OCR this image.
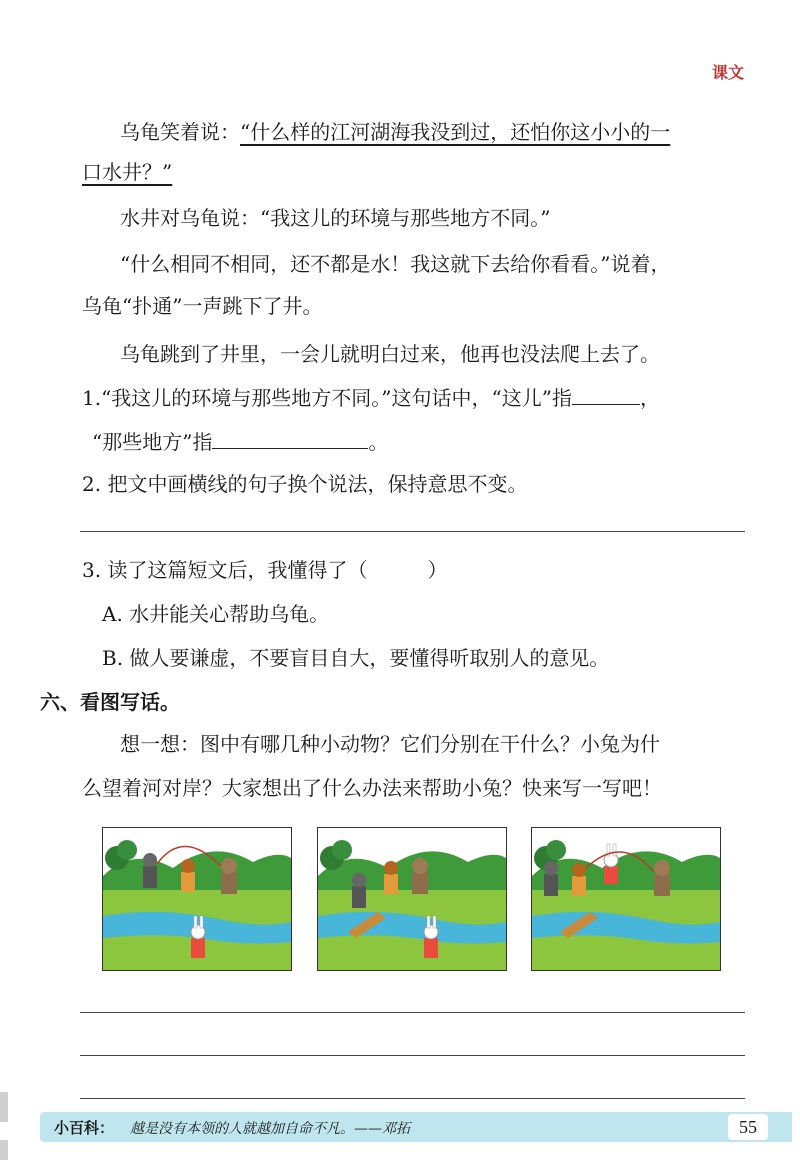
课文
乌龟笑着说：“什么样的江河湖海我没到过，还怕你这小小的一
口水井？”
水井对乌龟说：“我这儿的环境与那些地方不同。”
“什么相同不相同，还不都是水！我这就下去给你看看。”说着，
乌龟“扑通”一声跳下了井。
乌龟跳到了井里，一会儿就明白过来，他再也没法爬上去了。
1.“我这儿的环境与那些地方不同。”这句话中，“这儿”指	，
“那些地方”指	。
2. 把文中画横线的句子换个说法，保持意思不变。
3. 读了这篇短文后，我懂得了（　　　）
A. 水井能关心帮助乌龟。
B. 做人要谦虚，不要盲目自大，要懂得听取别人的意见。
六、看图写话。
想一想：图中有哪几种小动物？它们分别在干什么？小兔为什
么望着河对岸？大家想出了什么办法来帮助小兔？快来写一写吧！
小百科： 越是没有本领的人就越加自命不凡。——邓拓	55
